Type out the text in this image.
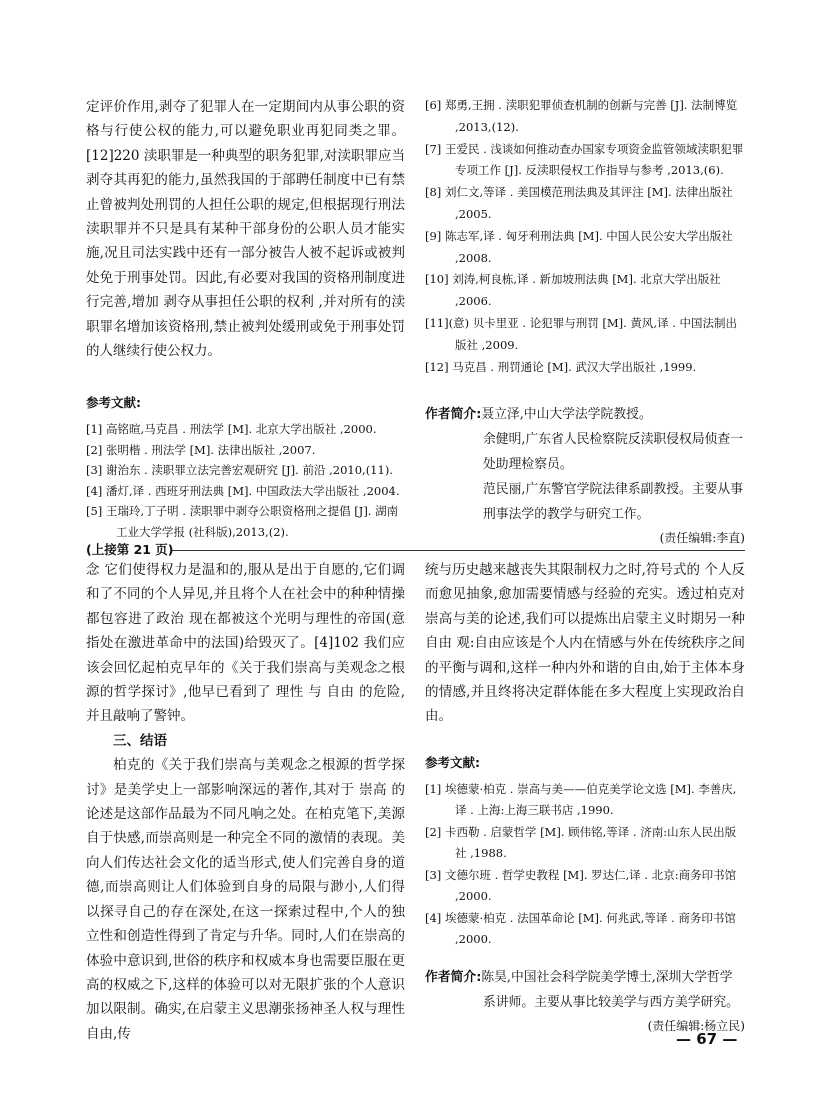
定评价作用,剥夺了犯罪人在一定期间内从事公职的资格与行使公权的能力,可以避免职业再犯同类之罪。[12]220 渎职罪是一种典型的职务犯罪,对渎职罪应当剥夺其再犯的能力,虽然我国的于部聘任制度中已有禁止曾被判处刑罚的人担任公职的规定,但根据现行刑法渎职罪并不只是具有某种干部身份的公职人员才能实施,况且司法实践中还有一部分被告人被不起诉或被判处免于刑事处罚。因此,有必要对我国的资格刑制度进行完善,增加 剥夺从事担任公职的权利 ,并对所有的渎职罪名增加该资格刑,禁止被判处缓刑或免于刑事处罚的人继续行使公权力。

参考文献:

[1] 高铭暄,马克昌 . 刑法学 [M]. 北京大学出版社 ,2000.
[2] 张明楷 . 刑法学 [M]. 法律出版社 ,2007.
[3] 谢治东 . 渎职罪立法完善宏观研究 [J]. 前沿 ,2010,(11).
[4] 潘灯,译 . 西班牙刑法典 [M]. 中国政法大学出版社 ,2004.
[5] 王瑞玲,丁子明 . 渎职罪中剥夺公职资格刑之提倡 [J]. 湖南工业大学学报 (社科版),2013,(2).
[6] 郑勇,王拥 . 渎职犯罪侦查机制的创新与完善 [J]. 法制博览 ,2013,(12).
[7] 王爱民 . 浅谈如何推动查办国家专项资金监管领域渎职犯罪专项工作 [J]. 反渎职侵权工作指导与参考 ,2013,(6).
[8] 刘仁文,等译 . 美国模范刑法典及其评注 [M]. 法律出版社 ,2005.
[9] 陈志军,译 . 匈牙利刑法典 [M]. 中国人民公安大学出版社 ,2008.
[10] 刘涛,柯良栋,译 . 新加坡刑法典 [M]. 北京大学出版社 ,2006.
[11](意) 贝卡里亚 . 论犯罪与刑罚 [M]. 黄风,译 . 中国法制出版社 ,2009.
[12] 马克昌 . 刑罚通论 [M]. 武汉大学出版社 ,1999.

作者简介:聂立泽,中山大学法学院教授。

余健明,广东省人民检察院反渎职侵权局侦查一处助理检察员。

范民丽,广东警官学院法律系副教授。主要从事刑事法学的教学与研究工作。

(责任编辑:李直)
(上接第 21 页)

念 它们使得权力是温和的,服从是出于自愿的,它们调和了不同的个人异见,并且将个人在社会中的种种情操都包容进了政治 现在都被这个光明与理性的帝国(意指处在激进革命中的法国)给毁灭了。[4]102 我们应该会回忆起柏克早年的《关于我们崇高与美观念之根源的哲学探讨》,他早已看到了 理性 与 自由 的危险,并且敲响了警钟。

三、结语

柏克的《关于我们崇高与美观念之根源的哲学探讨》是美学史上一部影响深远的著作,其对于 崇高 的论述是这部作品最为不同凡响之处。在柏克笔下,美源自于快感,而崇高则是一种完全不同的激情的表现。美向人们传达社会文化的适当形式,使人们完善自身的道德,而崇高则让人们体验到自身的局限与渺小,人们得以探寻自己的存在深处,在这一探索过程中,个人的独立性和创造性得到了肯定与升华。同时,人们在崇高的体验中意识到,世俗的秩序和权威本身也需要臣服在更高的权威之下,这样的体验可以对无限扩张的个人意识加以限制。确实,在启蒙主义思潮张扬神圣人权与理性自由,传

统与历史越来越丧失其限制权力之时,符号式的 个人反而愈见抽象,愈加需要情感与经验的充实。透过柏克对崇高与美的论述,我们可以提炼出启蒙主义时期另一种 自由 观:自由应该是个人内在情感与外在传统秩序之间的平衡与调和,这样一种内外和谐的自由,始于主体本身的情感,并且终将决定群体能在多大程度上实现政治自由。

参考文献:

[1] 埃德蒙·柏克 . 崇高与美——伯克美学论文选 [M]. 李善庆,译 . 上海:上海三联书店 ,1990.
[2] 卡西勒 . 启蒙哲学 [M]. 顾伟铭,等译 . 济南:山东人民出版社 ,1988.
[3] 文德尔班 . 哲学史教程 [M]. 罗达仁,译 . 北京:商务印书馆 ,2000.
[4] 埃德蒙·柏克 . 法国革命论 [M]. 何兆武,等译 . 商务印书馆 ,2000.
作者简介:陈昊,中国社会科学院美学博士,深圳大学哲学系讲师。主要从事比较美学与西方美学研究。
(责任编辑:杨立民)
— 67 —
